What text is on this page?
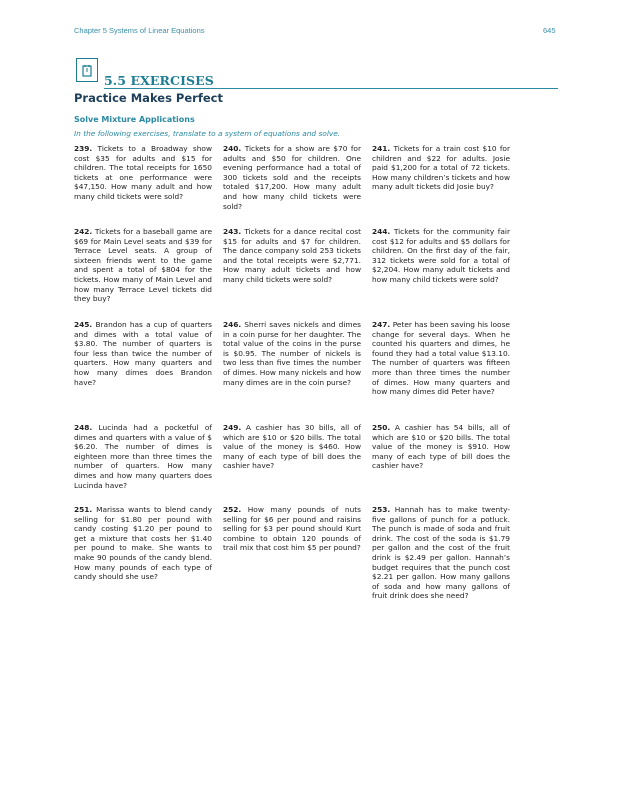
Chapter 5 Systems of Linear Equations	645
5.5 EXERCISES
Practice Makes Perfect
Solve Mixture Applications
In the following exercises, translate to a system of equations and solve.
239. Tickets to a Broadway show cost $35 for adults and $15 for children. The total receipts for 1650 tickets at one performance were $47,150. How many adult and how many child tickets were sold?
240. Tickets for a show are $70 for adults and $50 for children. One evening performance had a total of 300 tickets sold and the receipts totaled $17,200. How many adult and how many child tickets were sold?
241. Tickets for a train cost $10 for children and $22 for adults. Josie paid $1,200 for a total of 72 tickets. How many children’s tickets and how many adult tickets did Josie buy?
242. Tickets for a baseball game are $69 for Main Level seats and $39 for Terrace Level seats. A group of sixteen friends went to the game and spent a total of $804 for the tickets. How many of Main Level and how many Terrace Level tickets did they buy?
243. Tickets for a dance recital cost $15 for adults and $7 for children. The dance company sold 253 tickets and the total receipts were $2,771. How many adult tickets and how many child tickets were sold?
244. Tickets for the community fair cost $12 for adults and $5 dollars for children. On the first day of the fair, 312 tickets were sold for a total of $2,204. How many adult tickets and how many child tickets were sold?
245. Brandon has a cup of quarters and dimes with a total value of $3.80. The number of quarters is four less than twice the number of quarters. How many quarters and how many dimes does Brandon have?
246. Sherri saves nickels and dimes in a coin purse for her daughter. The total value of the coins in the purse is $0.95. The number of nickels is two less than five times the number of dimes. How many nickels and how many dimes are in the coin purse?
247. Peter has been saving his loose change for several days. When he counted his quarters and dimes, he found they had a total value $13.10. The number of quarters was fifteen more than three times the number of dimes. How many quarters and how many dimes did Peter have?
248. Lucinda had a pocketful of dimes and quarters with a value of $ $6.20. The number of dimes is eighteen more than three times the number of quarters. How many dimes and how many quarters does Lucinda have?
249. A cashier has 30 bills, all of which are $10 or $20 bills. The total value of the money is $460. How many of each type of bill does the cashier have?
250. A cashier has 54 bills, all of which are $10 or $20 bills. The total value of the money is $910. How many of each type of bill does the cashier have?
251. Marissa wants to blend candy selling for $1.80 per pound with candy costing $1.20 per pound to get a mixture that costs her $1.40 per pound to make. She wants to make 90 pounds of the candy blend. How many pounds of each type of candy should she use?
252. How many pounds of nuts selling for $6 per pound and raisins selling for $3 per pound should Kurt combine to obtain 120 pounds of trail mix that cost him $5 per pound?
253. Hannah has to make twenty-five gallons of punch for a potluck. The punch is made of soda and fruit drink. The cost of the soda is $1.79 per gallon and the cost of the fruit drink is $2.49 per gallon. Hannah’s budget requires that the punch cost $2.21 per gallon. How many gallons of soda and how many gallons of fruit drink does she need?
